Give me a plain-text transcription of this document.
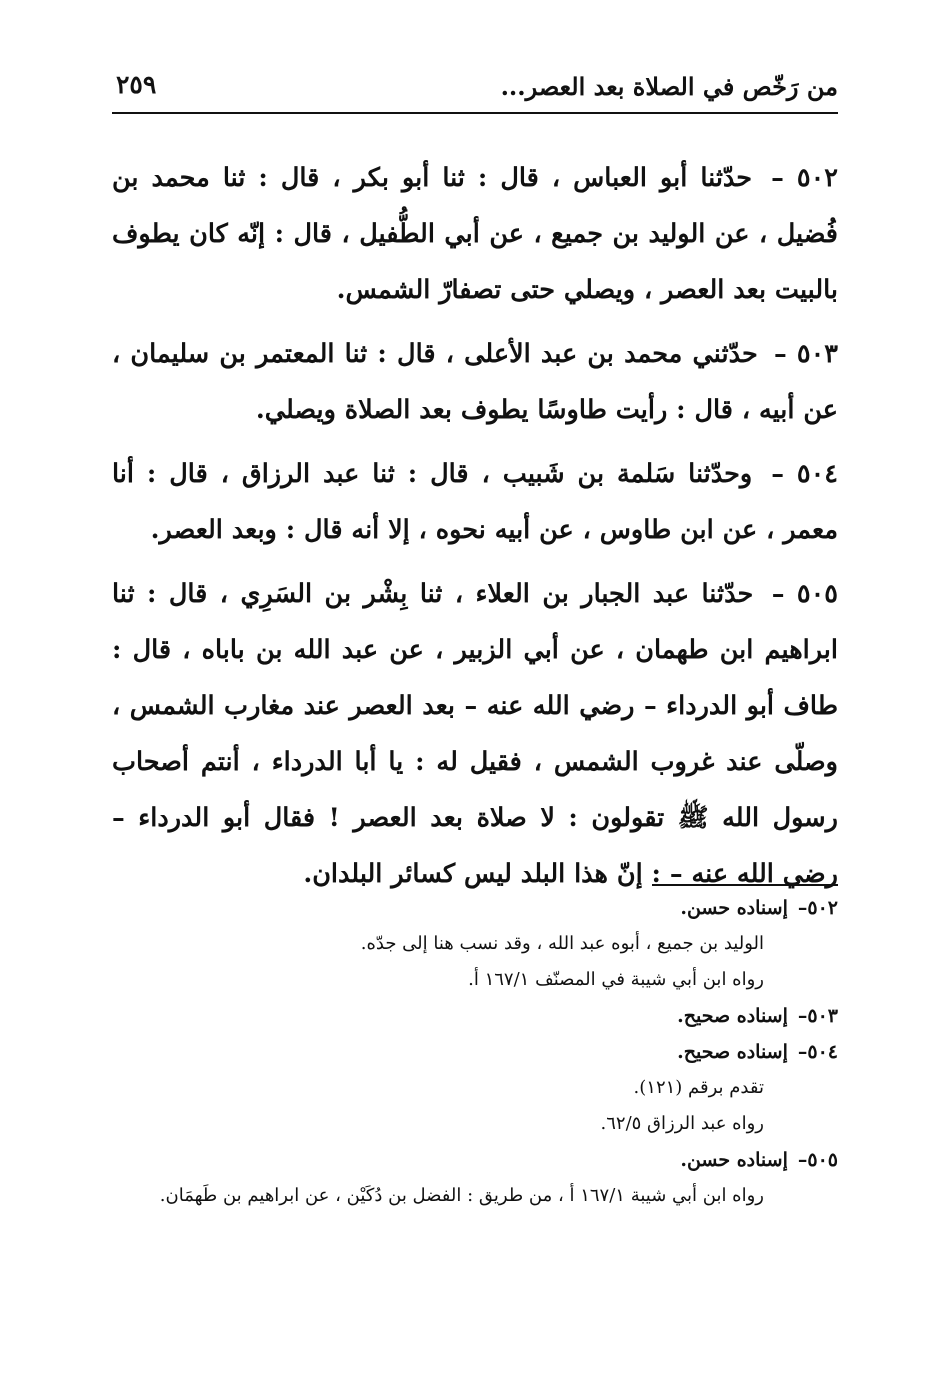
من رَخّص في الصلاة بعد العصر...
٢٥٩

٥٠٢ – حدّثنا أبو العباس ، قال : ثنا أبو بكر ، قال : ثنا محمد بن فُضيل ، عن الوليد بن جميع ، عن أبي الطُّفيل ، قال : إنّه كان يطوف بالبيت بعد العصر ، ويصلي حتى تصفارّ الشمس.

٥٠٣ – حدّثني محمد بن عبد الأعلى ، قال : ثنا المعتمر بن سليمان ، عن أبيه ، قال : رأيت طاوسًا يطوف بعد الصلاة ويصلي.

٥٠٤ – وحدّثنا سَلمة بن شَبيب ، قال : ثنا عبد الرزاق ، قال : أنا معمر ، عن ابن طاوس ، عن أبيه نحوه ، إلا أنه قال : وبعد العصر.

٥٠٥ – حدّثنا عبد الجبار بن العلاء ، ثنا بِشْر بن السَرِي ، قال : ثنا ابراهيم ابن طهمان ، عن أبي الزبير ، عن عبد الله بن باباه ، قال : طاف أبو الدرداء – رضي الله عنه – بعد العصر عند مغارب الشمس ، وصلّى عند غروب الشمس ، فقيل له : يا أبا الدرداء ، أنتم أصحاب رسول الله ﷺ تقولون : لا صلاة بعد العصر ! فقال أبو الدرداء – رضي الله عنه – : إنّ هذا البلد ليس كسائر البلدان.

٥٠٢–إسناده حسن.
الوليد بن جميع ، أبوه عبد الله ، وقد نسب هنا إلى جدّه.
رواه ابن أبي شيبة في المصنّف ١٦٧/١ أ.
٥٠٣–إسناده صحيح.
٥٠٤–إسناده صحيح.
تقدم برقم (١٢١).
رواه عبد الرزاق ٦٢/٥.
٥٠٥–إسناده حسن.
رواه ابن أبي شيبة ١٦٧/١ أ ، من طريق : الفضل بن دُكَيْن ، عن ابراهيم بن طَهمَان.
